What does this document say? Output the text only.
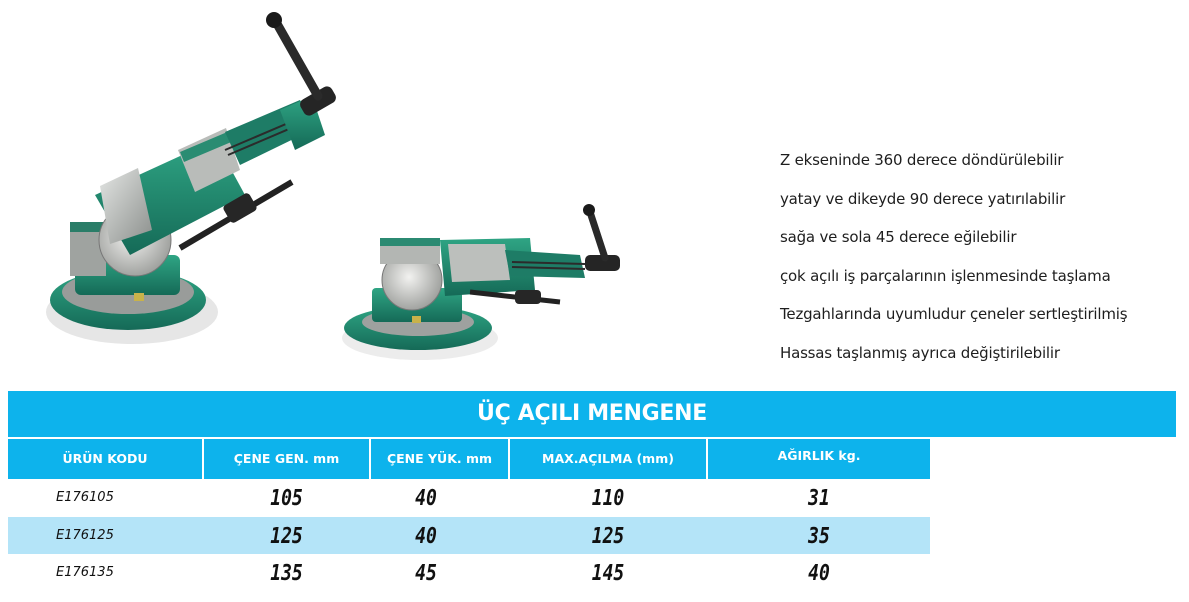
Z ekseninde 360 derece döndürülebilir
yatay ve dikeyde 90 derece yatırılabilir
sağa ve sola 45 derece eğilebilir
çok açılı iş parçalarının işlenmesinde taşlama
Tezgahlarında uyumludur çeneler sertleştirilmiş
Hassas taşlanmış ayrıca değiştirilebilir
ÜÇ AÇILI MENGENE
ÜRÜN KODU	ÇENE GEN. mm	ÇENE YÜK. mm	MAX.AÇILMA (mm)	AĞIRLIK kg.
E176105	105	40	110	31
E176125	125	40	125	35
E176135	135	45	145	40
